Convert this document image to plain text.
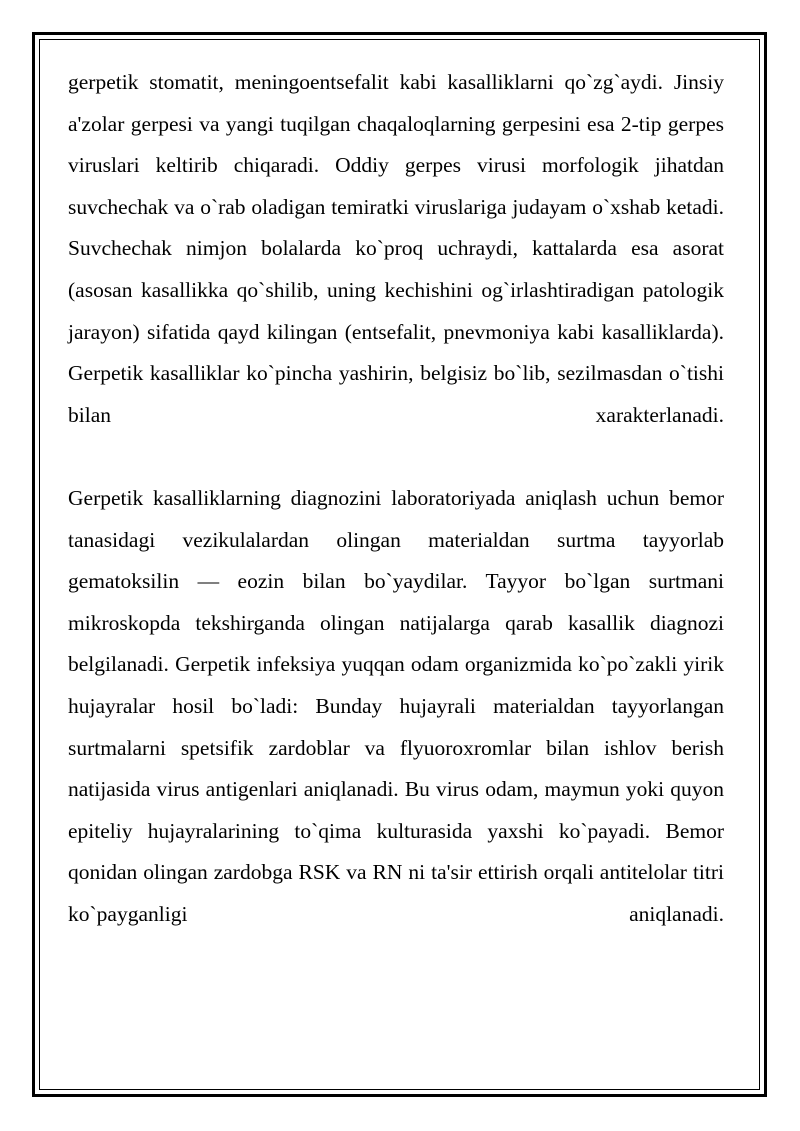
gerpetik stomatit, meningoentsefalit kabi kasalliklarni qo`zg`aydi. Jinsiy a'zolar gerpesi va yangi tuqilgan chaqaloqlarning gerpesini esa 2-tip gerpes viruslari keltirib chiqaradi. Oddiy gerpes virusi morfologik jihatdan suvchechak va o`rab oladigan temiratki viruslariga judayam o`xshab ketadi. Suvchechak nimjon bolalarda ko`proq uchraydi, kattalarda esa asorat (asosan kasallikka qo`shilib, uning kechishini og`irlashtiradigan patologik jarayon) sifatida qayd kilingan (entsefalit, pnevmoniya kabi kasalliklarda). Gerpetik kasalliklar ko`pincha yashirin, belgisiz bo`lib, sezilmasdan o`tishi bilan xarakterlanadi.

Gerpetik kasalliklarning diagnozini laboratoriyada aniqlash uchun bemor tanasidagi vezikulalardan olingan materialdan surtma tayyorlab gematoksilin — eozin bilan bo`yaydilar. Tayyor bo`lgan surtmani mikroskopda tekshirganda olingan natijalarga qarab kasallik diagnozi belgilanadi. Gerpetik infeksiya yuqqan odam organizmida ko`po`zakli yirik hujayralar hosil bo`ladi: Bunday hujayrali materialdan tayyorlangan surtmalarni spetsifik zardoblar va flyuoroxromlar bilan ishlov berish natijasida virus antigenlari aniqlanadi. Bu virus odam, maymun yoki quyon epiteliy hujayralarining to`qima kulturasida yaxshi ko`payadi. Bemor qonidan olingan zardobga RSK va RN ni ta'sir ettirish orqali antitelolar titri ko`payganligi aniqlanadi.
